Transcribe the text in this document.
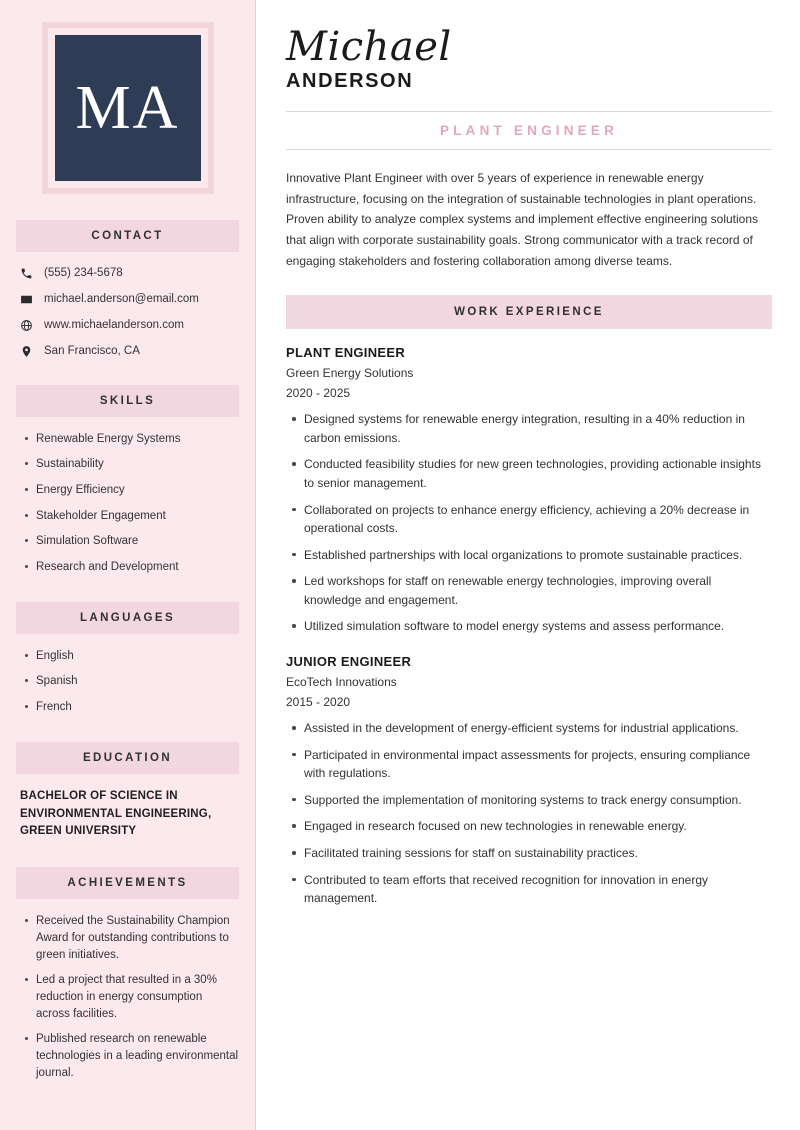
MA
CONTACT
(555) 234-5678
michael.anderson@email.com
www.michaelanderson.com
San Francisco, CA
SKILLS
Renewable Energy Systems
Sustainability
Energy Efficiency
Stakeholder Engagement
Simulation Software
Research and Development
LANGUAGES
English
Spanish
French
EDUCATION
BACHELOR OF SCIENCE IN ENVIRONMENTAL ENGINEERING, GREEN UNIVERSITY
ACHIEVEMENTS
Received the Sustainability Champion Award for outstanding contributions to green initiatives.
Led a project that resulted in a 30% reduction in energy consumption across facilities.
Published research on renewable technologies in a leading environmental journal.
Michael
ANDERSON
PLANT ENGINEER

Innovative Plant Engineer with over 5 years of experience in renewable energy infrastructure, focusing on the integration of sustainable technologies in plant operations. Proven ability to analyze complex systems and implement effective engineering solutions that align with corporate sustainability goals. Strong communicator with a track record of engaging stakeholders and fostering collaboration among diverse teams.

WORK EXPERIENCE
PLANT ENGINEER
Green Energy Solutions
2020 - 2025
Designed systems for renewable energy integration, resulting in a 40% reduction in carbon emissions.
Conducted feasibility studies for new green technologies, providing actionable insights to senior management.
Collaborated on projects to enhance energy efficiency, achieving a 20% decrease in operational costs.
Established partnerships with local organizations to promote sustainable practices.
Led workshops for staff on renewable energy technologies, improving overall knowledge and engagement.
Utilized simulation software to model energy systems and assess performance.
JUNIOR ENGINEER
EcoTech Innovations
2015 - 2020
Assisted in the development of energy-efficient systems for industrial applications.
Participated in environmental impact assessments for projects, ensuring compliance with regulations.
Supported the implementation of monitoring systems to track energy consumption.
Engaged in research focused on new technologies in renewable energy.
Facilitated training sessions for staff on sustainability practices.
Contributed to team efforts that received recognition for innovation in energy management.
